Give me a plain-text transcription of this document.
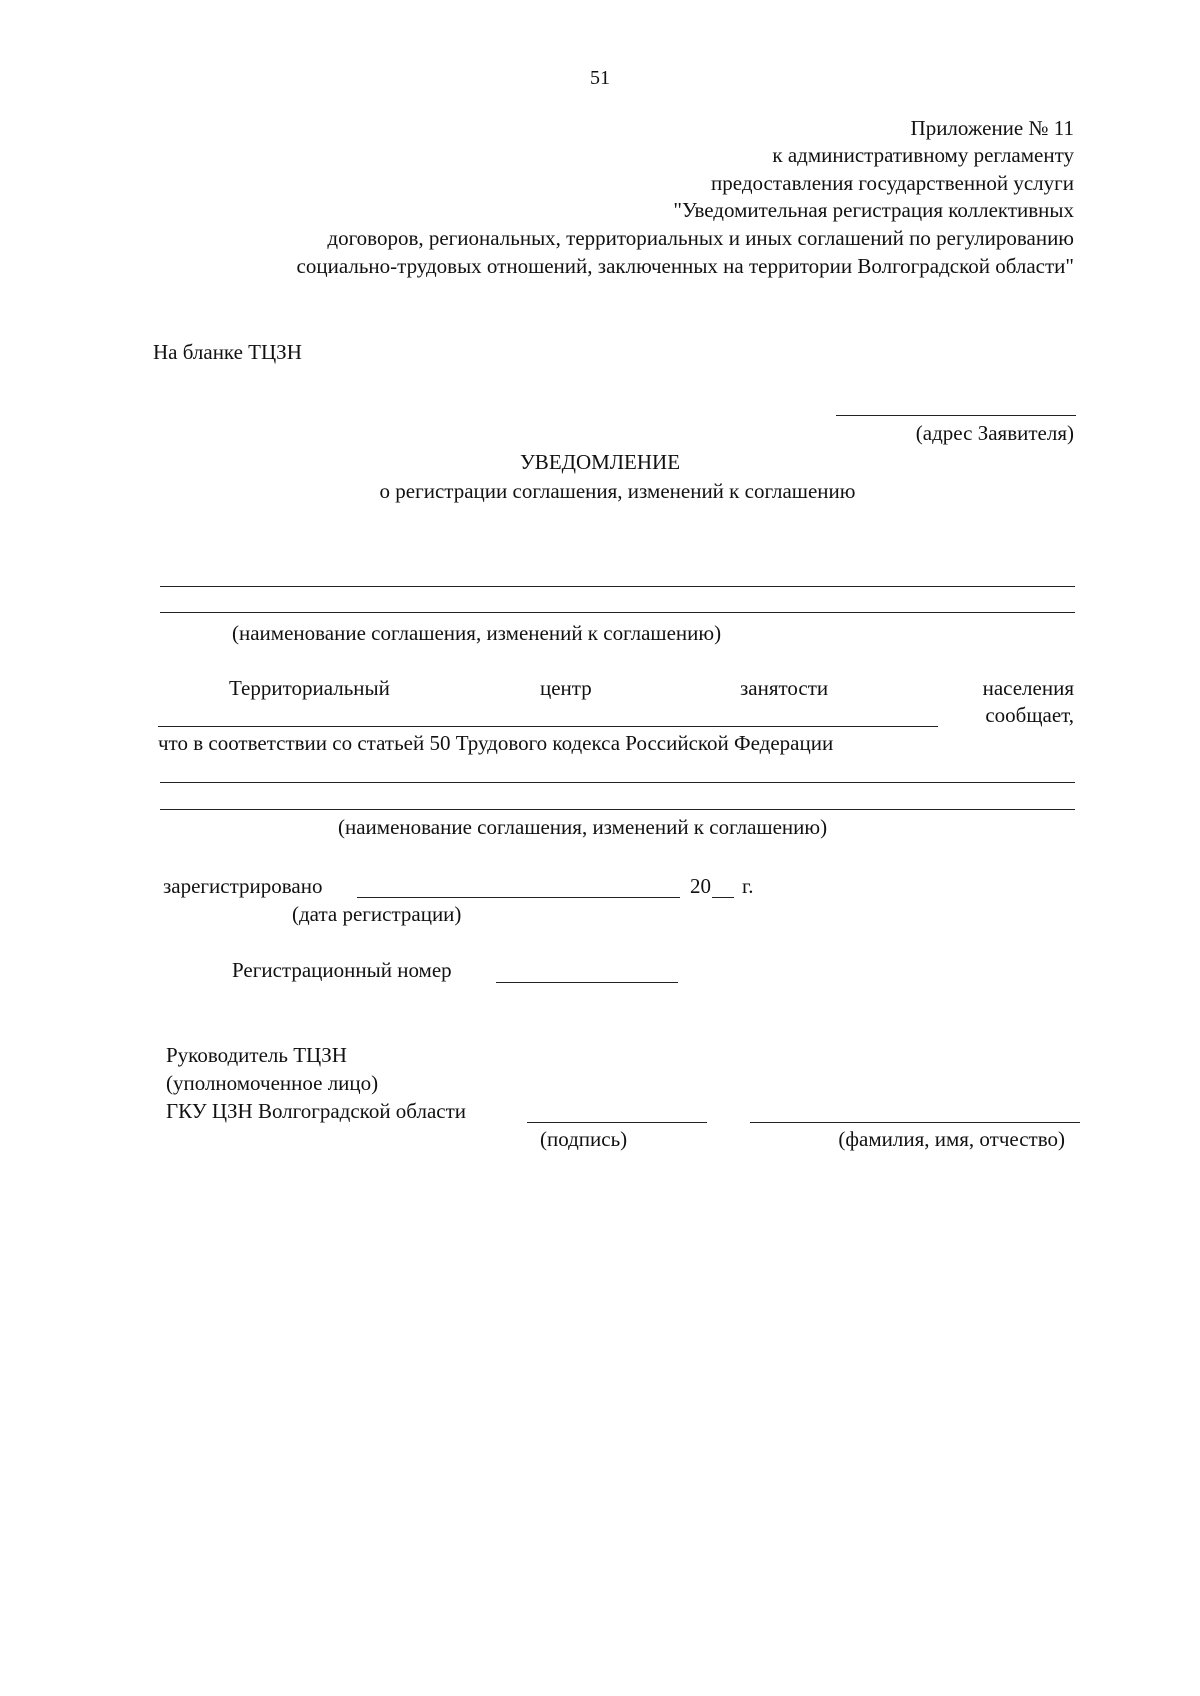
51
Приложение № 11
к административному регламенту
предоставления государственной услуги
"Уведомительная регистрация коллективных
договоров, региональных, территориальных и иных соглашений по регулированию
социально-трудовых отношений, заключенных на территории Волгоградской области"
На бланке ТЦЗН
(адрес Заявителя)
УВЕДОМЛЕНИЕ
о регистрации соглашения, изменений к соглашению
(наименование соглашения, изменений к соглашению)
Территориальный	центр	занятости	населения
сообщает,
что в соответствии со статьей 50 Трудового кодекса Российской Федерации
(наименование соглашения, изменений к соглашению)
зарегистрировано	20 г.
(дата регистрации)
Регистрационный номер
Руководитель ТЦЗН
(уполномоченное лицо)
ГКУ ЦЗН Волгоградской области
(подпись)	(фамилия, имя, отчество)
